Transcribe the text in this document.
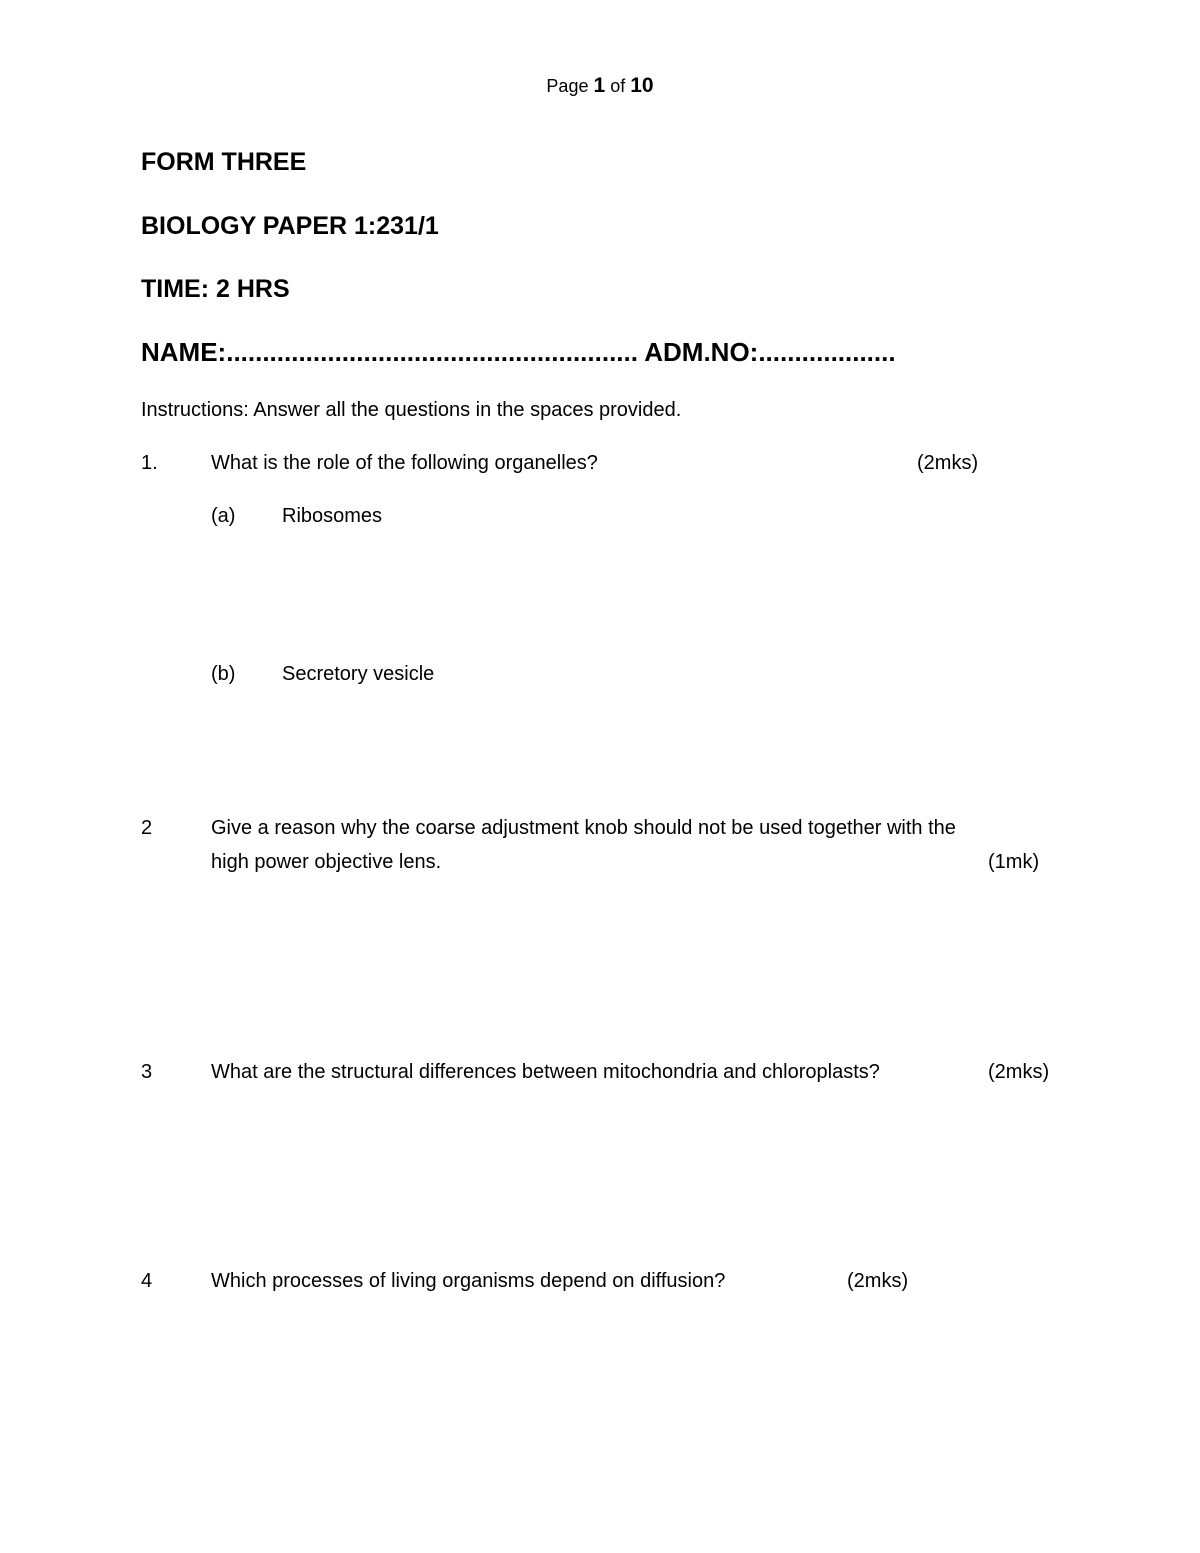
Page 1 of 10
FORM THREE
BIOLOGY PAPER 1:231/1
TIME: 2 HRS
NAME:......................................................... ADM.NO:...................
Instructions: Answer all the questions in the spaces provided.
1.	What is the role of the following organelles?	(2mks)
(a) Ribosomes
(b) Secretory vesicle
2	Give a reason why the coarse adjustment knob should not be used together with the
high power objective lens.	(1mk)
3	What are the structural differences between mitochondria and chloroplasts?	(2mks)
4	Which processes of living organisms depend on diffusion?	(2mks)
